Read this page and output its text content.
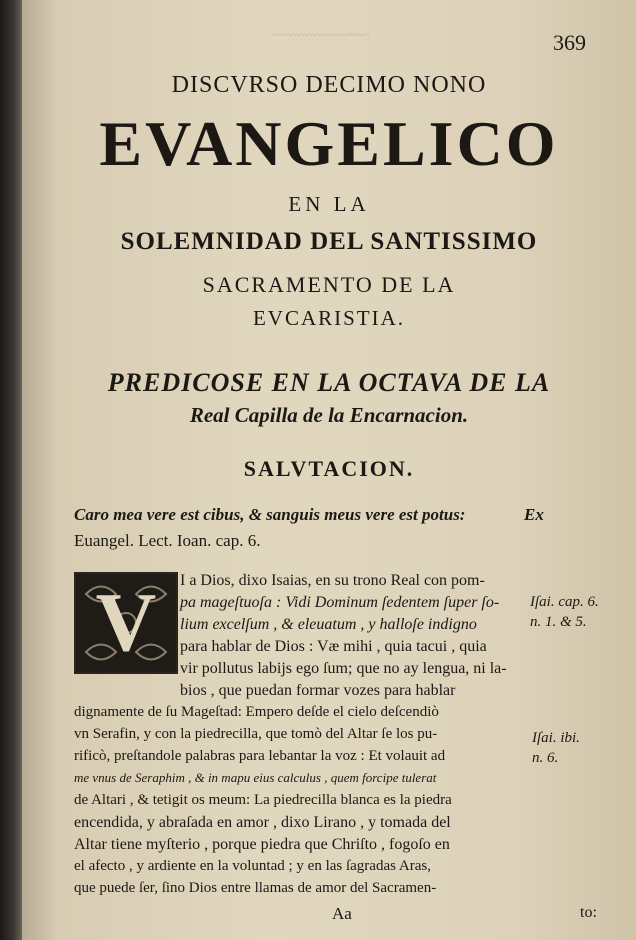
~~~~~~~~~~~~	369
DISCVRSO DECIMO NONO
EVANGELICO
EN LA
SOLEMNIDAD DEL SANTISSIMO
SACRAMENTO DE LA
EVCARISTIA.
PREDICOSE EN LA OCTAVA DE LA
Real Capilla de la Encarnacion.
SALVTACION.
Caro mea vere est cibus, & sanguis meus vere est potus:	Ex
Euangel. Lect. Ioan. cap. 6.
V	I a Dios, dixo Isaias, en su trono Real con pom-
pa mageſtuoſa : Vidi Dominum ſedentem ſuper ſo-
lium excelſum , & eleuatum , y halloſe indigno
para hablar de Dios : Væ mihi , quia tacui , quia
vir pollutus labijs ego ſum; que no ay lengua, ni la-
bios , que puedan formar vozes para hablar
dignamente de ſu Mageſtad: Empero deſde el cielo deſcendiò
vn Serafin, y con la piedrecilla, que tomò del Altar ſe los pu-
rificò, preſtandole palabras para lebantar la voz : Et volauit ad
me vnus de Seraphim , & in mapu eius calculus , quem forcipe tulerat
de Altari , & tetigit os meum: La piedrecilla blanca es la piedra
encendida, y abraſada en amor , dixo Lirano , y tomada del
Altar tiene myſterio , porque piedra que Chriſto , fogoſo en
el afecto , y ardiente en la voluntad ; y en las ſagradas Aras,
que puede ſer, ſino Dios entre llamas de amor del Sacramen-
Iſai. cap. 6.
n. 1. & 5.
Iſai. ibi.
n. 6.
Aa	to:
